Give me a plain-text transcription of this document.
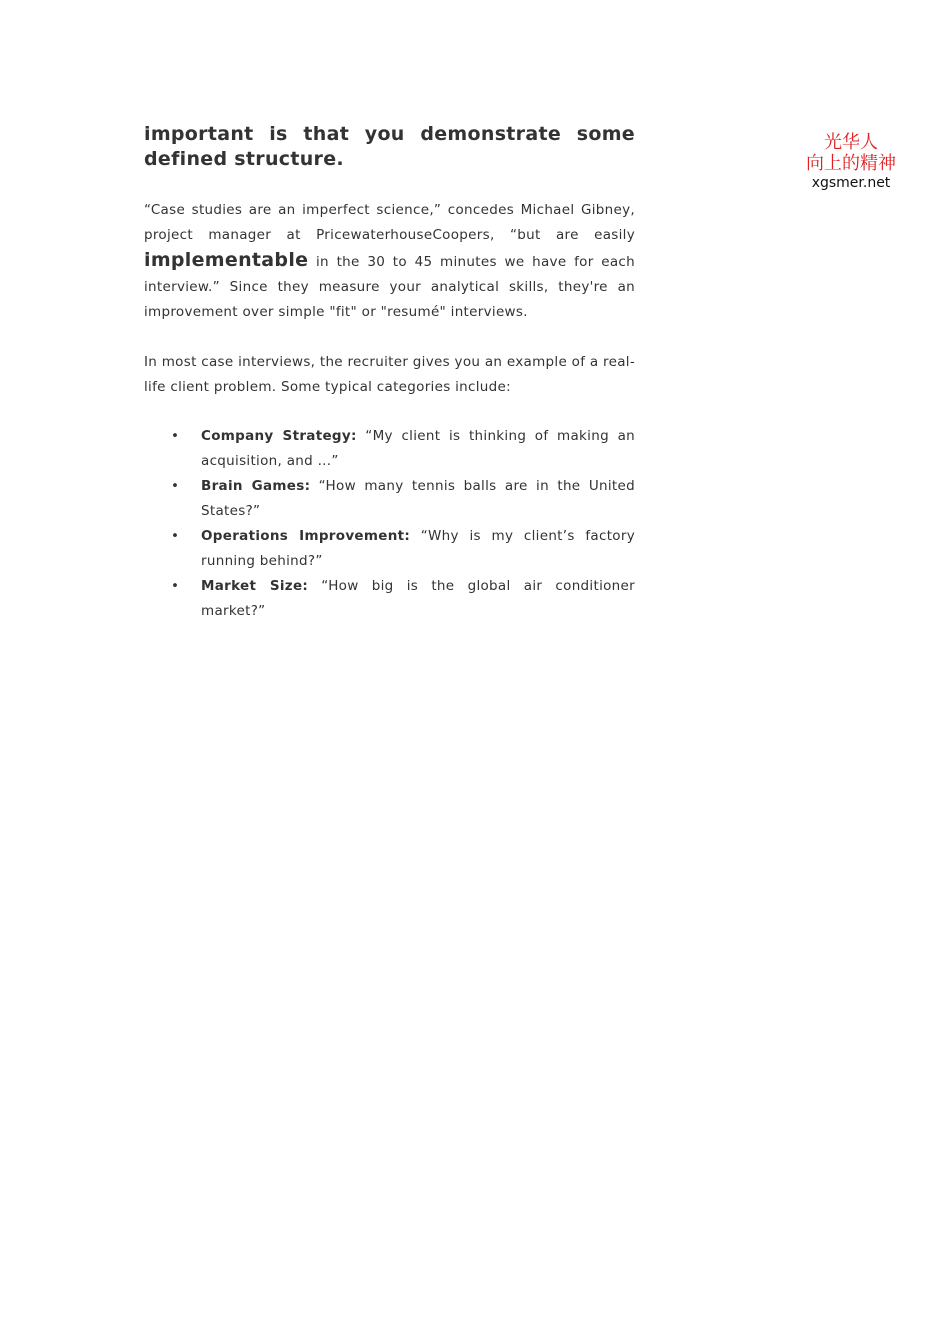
光华人
向上的精神
xgsmer.net

important is that you demonstrate some defined structure.

“Case studies are an imperfect science,” concedes Michael Gibney, project manager at PricewaterhouseCoopers, “but are easily implementable in the 30 to 45 minutes we have for each interview.” Since they measure your analytical skills, they're an improvement over simple "fit" or "resumé" interviews.

In most case interviews, the recruiter gives you an example of a real-life client problem. Some typical categories include:

• Company Strategy: “My client is thinking of making an acquisition, and ...”
• Brain Games: “How many tennis balls are in the United States?”
• Operations Improvement: “Why is my client’s factory running behind?”
• Market Size: “How big is the global air conditioner market?”
